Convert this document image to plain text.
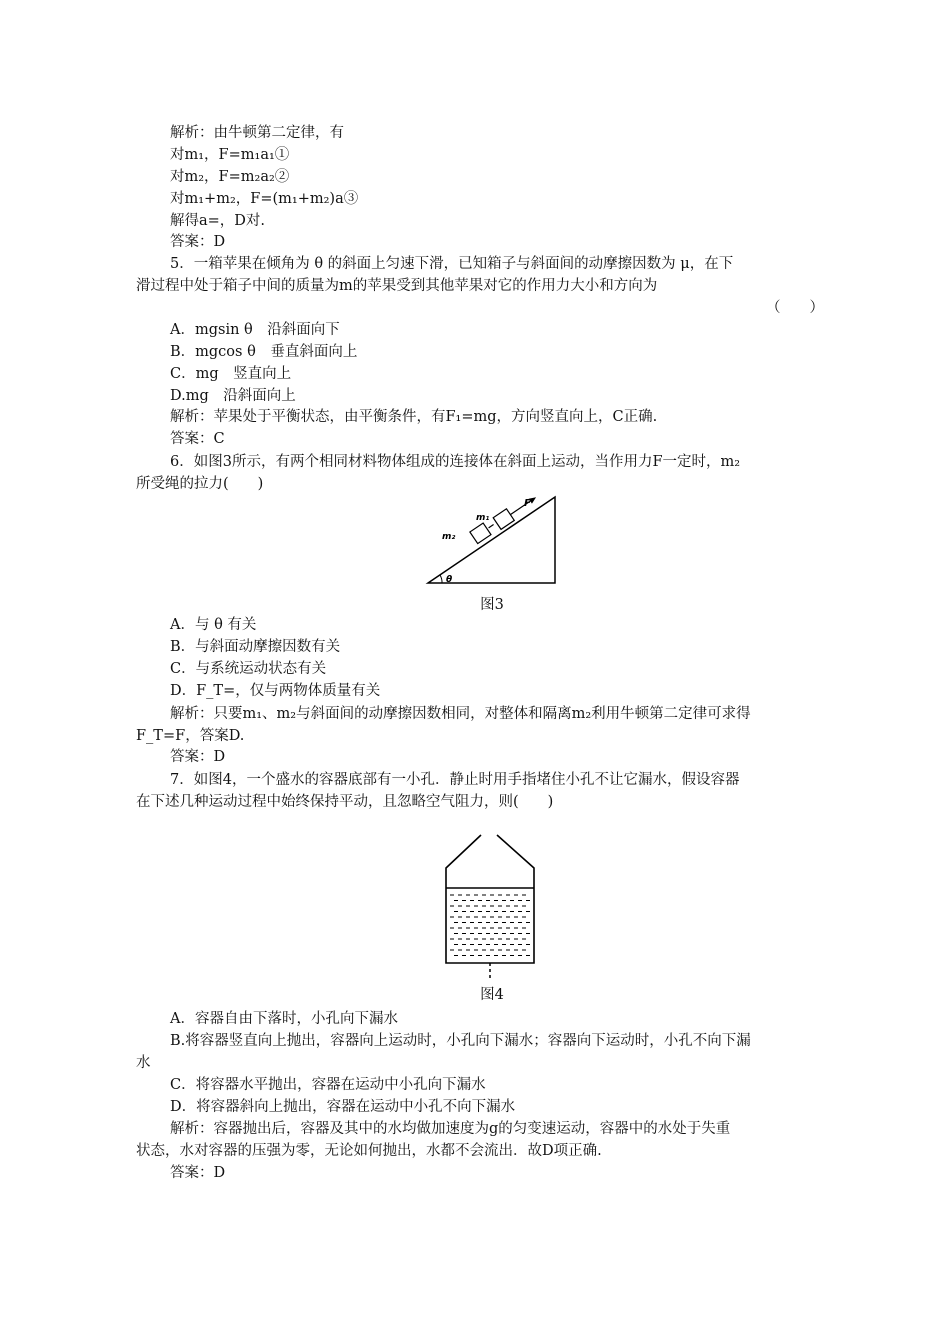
解析：由牛顿第二定律，有
对m₁，F=m₁a₁①
对m₂，F=m₂a₂②
对m₁+m₂，F=(m₁+m₂)a③
解得a=，D对.
答案：D
5．一箱苹果在倾角为 θ 的斜面上匀速下滑，已知箱子与斜面间的动摩擦因数为 μ，在下
滑过程中处于箱子中间的质量为m的苹果受到其他苹果对它的作用力大小和方向为
（　　）
A．mgsin θ　沿斜面向下
B．mgcos θ　垂直斜面向上
C．mg　竖直向上
D.mg　沿斜面向上
解析：苹果处于平衡状态，由平衡条件，有F₁=mg，方向竖直向上，C正确.
答案：C
6．如图3所示，有两个相同材料物体组成的连接体在斜面上运动，当作用力F一定时，m₂
所受绳的拉力(　　)
θ
m₂
m₁
F
图3
A．与 θ 有关
B．与斜面动摩擦因数有关
C．与系统运动状态有关
D．F_T=，仅与两物体质量有关
解析：只要m₁、m₂与斜面间的动摩擦因数相同，对整体和隔离m₂利用牛顿第二定律可求得
F_T=F，答案D.
答案：D
7．如图4，一个盛水的容器底部有一小孔．静止时用手指堵住小孔不让它漏水，假设容器
在下述几种运动过程中始终保持平动，且忽略空气阻力，则(　　)
图4
A．容器自由下落时，小孔向下漏水
B.将容器竖直向上抛出，容器向上运动时，小孔向下漏水；容器向下运动时，小孔不向下漏
水
C．将容器水平抛出，容器在运动中小孔向下漏水
D．将容器斜向上抛出，容器在运动中小孔不向下漏水
解析：容器抛出后，容器及其中的水均做加速度为g的匀变速运动，容器中的水处于失重
状态，水对容器的压强为零，无论如何抛出，水都不会流出．故D项正确.
答案：D
